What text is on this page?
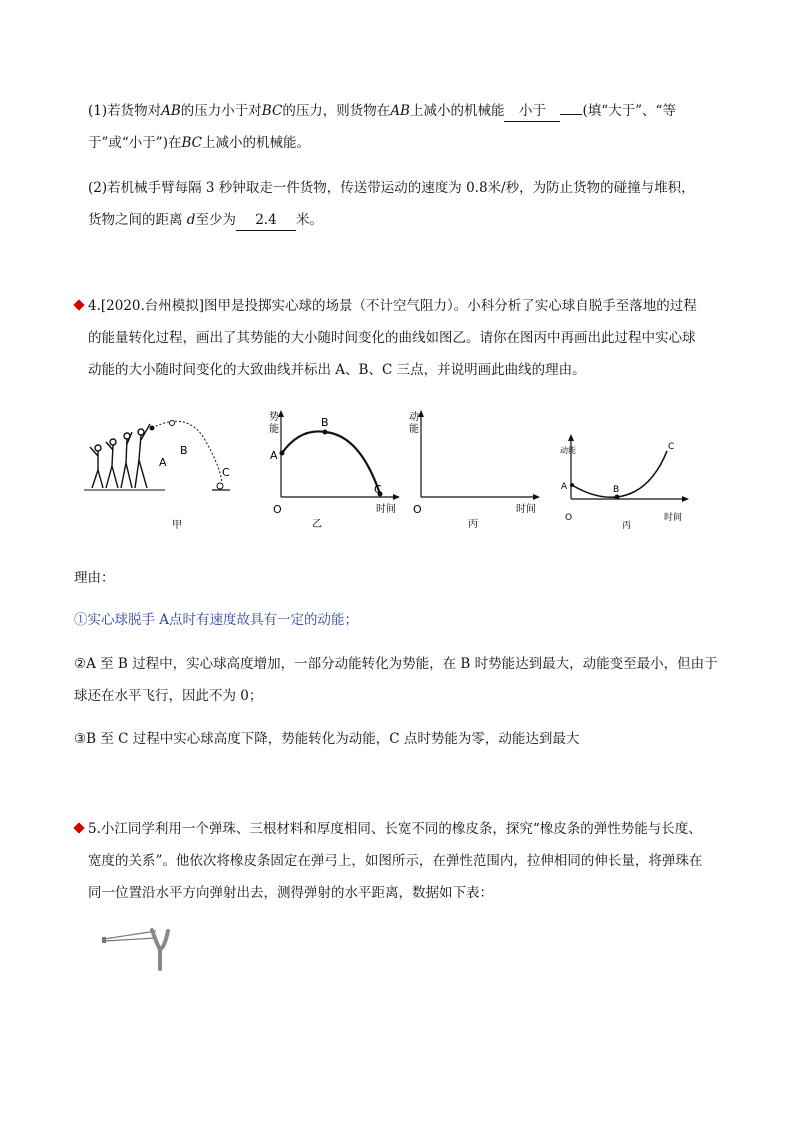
(1)若货物对AB的压力小于对BC的压力，则货物在AB上减小的机械能 小于	(填“大于”、“等
于”或“小于”)在BC上减小的机械能。
(2)若机械手臂每隔 3 秒钟取走一件货物，传送带运动的速度为 0.8米/秒，为防止货物的碰撞与堆积，
货物之间的距离 d至少为 2.4 米。
4.[2020.台州模拟]图甲是投掷实心球的场景（不计空气阻力）。小科分析了实心球自脱手至落地的过程
的能量转化过程，画出了其势能的大小随时间变化的曲线如图乙。请你在图丙中再画出此过程中实心球
动能的大小随时间变化的大致曲线并标出 A、B、C 三点，并说明画此曲线的理由。
A
B
C
甲
势
能
A
B
C
O	时间
乙
动
能
O	时间
丙
动能
A	B
C
O	时间
丙
理由：
①实心球脱手 A点时有速度故具有一定的动能；
②A 至 B 过程中，实心球高度增加，一部分动能转化为势能，在 B 时势能达到最大，动能变至最小，但由于
球还在水平飞行，因此不为 0；
③B 至 C 过程中实心球高度下降，势能转化为动能，C 点时势能为零，动能达到最大
5.小江同学利用一个弹珠、三根材料和厚度相同、长宽不同的橡皮条，探究“橡皮条的弹性势能与长度、
宽度的关系”。他依次将橡皮条固定在弹弓上，如图所示，在弹性范围内，拉伸相同的伸长量，将弹珠在
同一位置沿水平方向弹射出去，测得弹射的水平距离，数据如下表：
